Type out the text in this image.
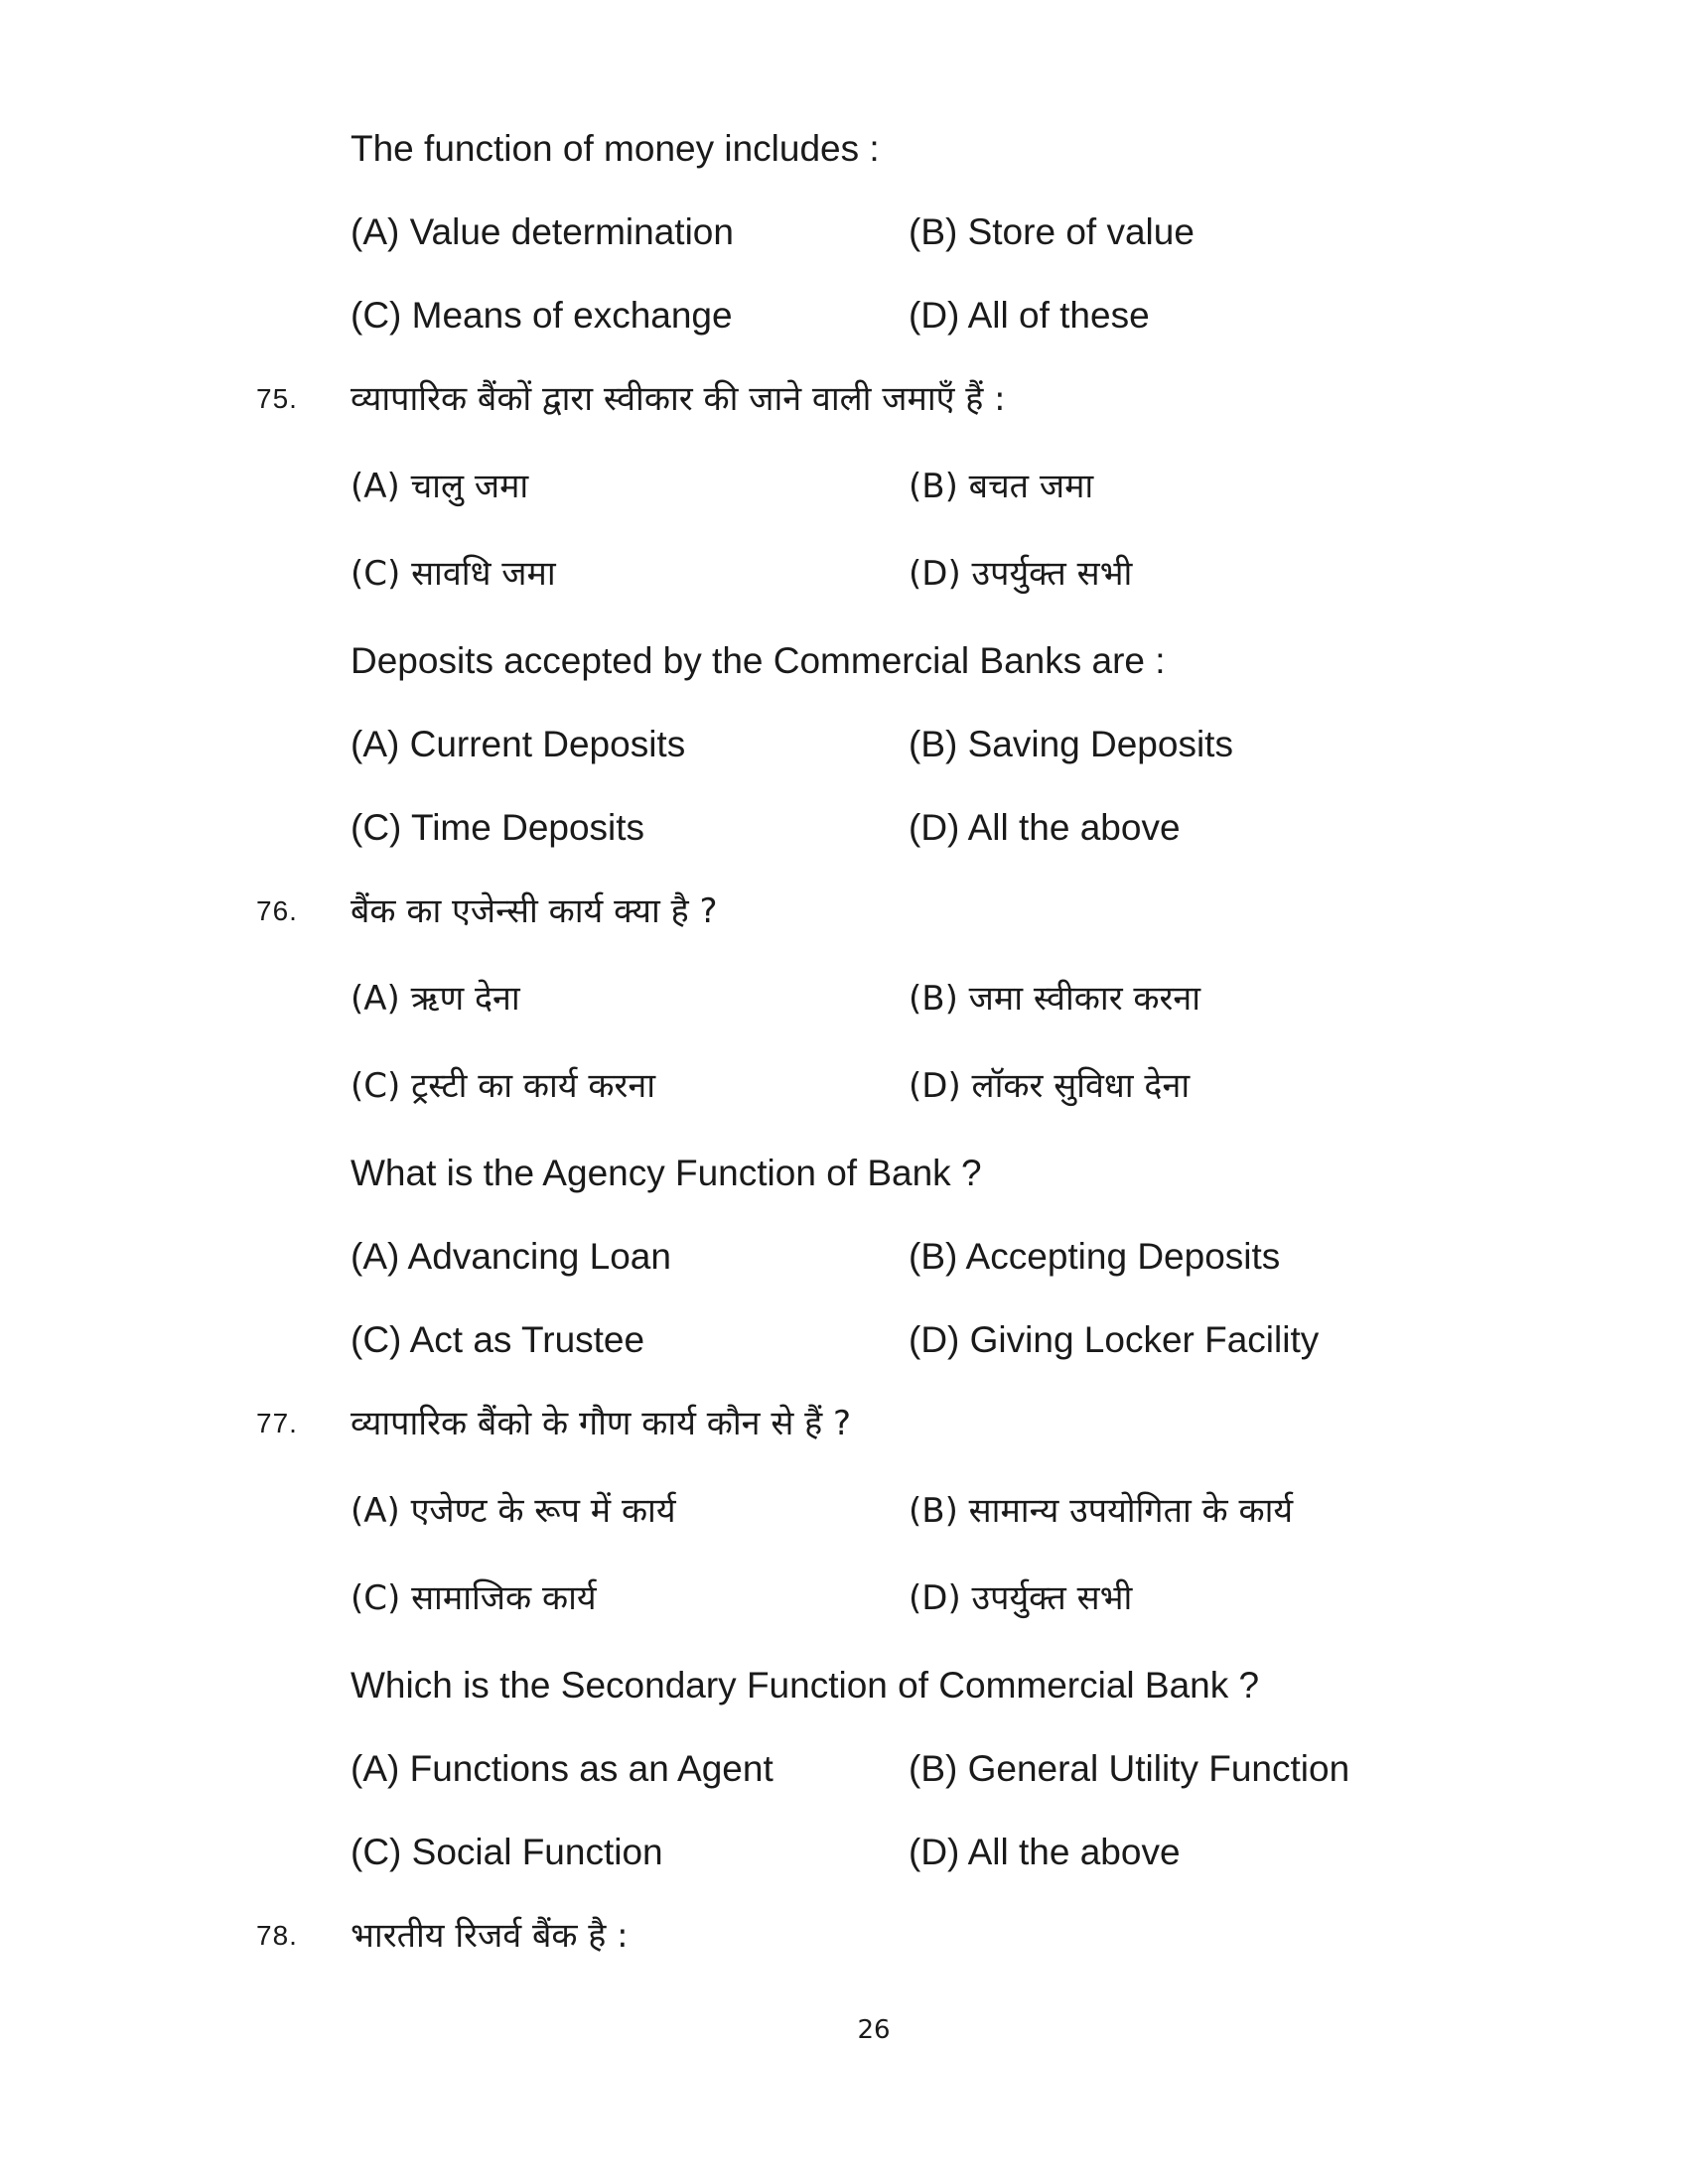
The function of money includes :
(A) Value determination	(B) Store of value
(C) Means of exchange	(D) All of these
75. व्यापारिक बैंकों द्वारा स्वीकार की जाने वाली जमाएँ हैं :
(A) चालु जमा	(B) बचत जमा
(C) सावधि जमा	(D) उपर्युक्त सभी
Deposits accepted by the Commercial Banks are :
(A) Current Deposits	(B) Saving Deposits
(C) Time Deposits	(D) All the above
76. बैंक का एजेन्सी कार्य क्या है ?
(A) ऋण देना	(B) जमा स्वीकार करना
(C) ट्रस्टी का कार्य करना	(D) लॉकर सुविधा देना
What is the Agency Function of Bank ?
(A) Advancing Loan	(B) Accepting Deposits
(C) Act as Trustee	(D) Giving Locker Facility
77. व्यापारिक बैंको के गौण कार्य कौन से हैं ?
(A) एजेण्ट के रूप में कार्य	(B) सामान्य उपयोगिता के कार्य
(C) सामाजिक कार्य	(D) उपर्युक्त सभी
Which is the Secondary Function of Commercial Bank ?
(A) Functions as an Agent	(B) General Utility Function
(C) Social Function	(D) All the above
78. भारतीय रिजर्व बैंक है :
26
